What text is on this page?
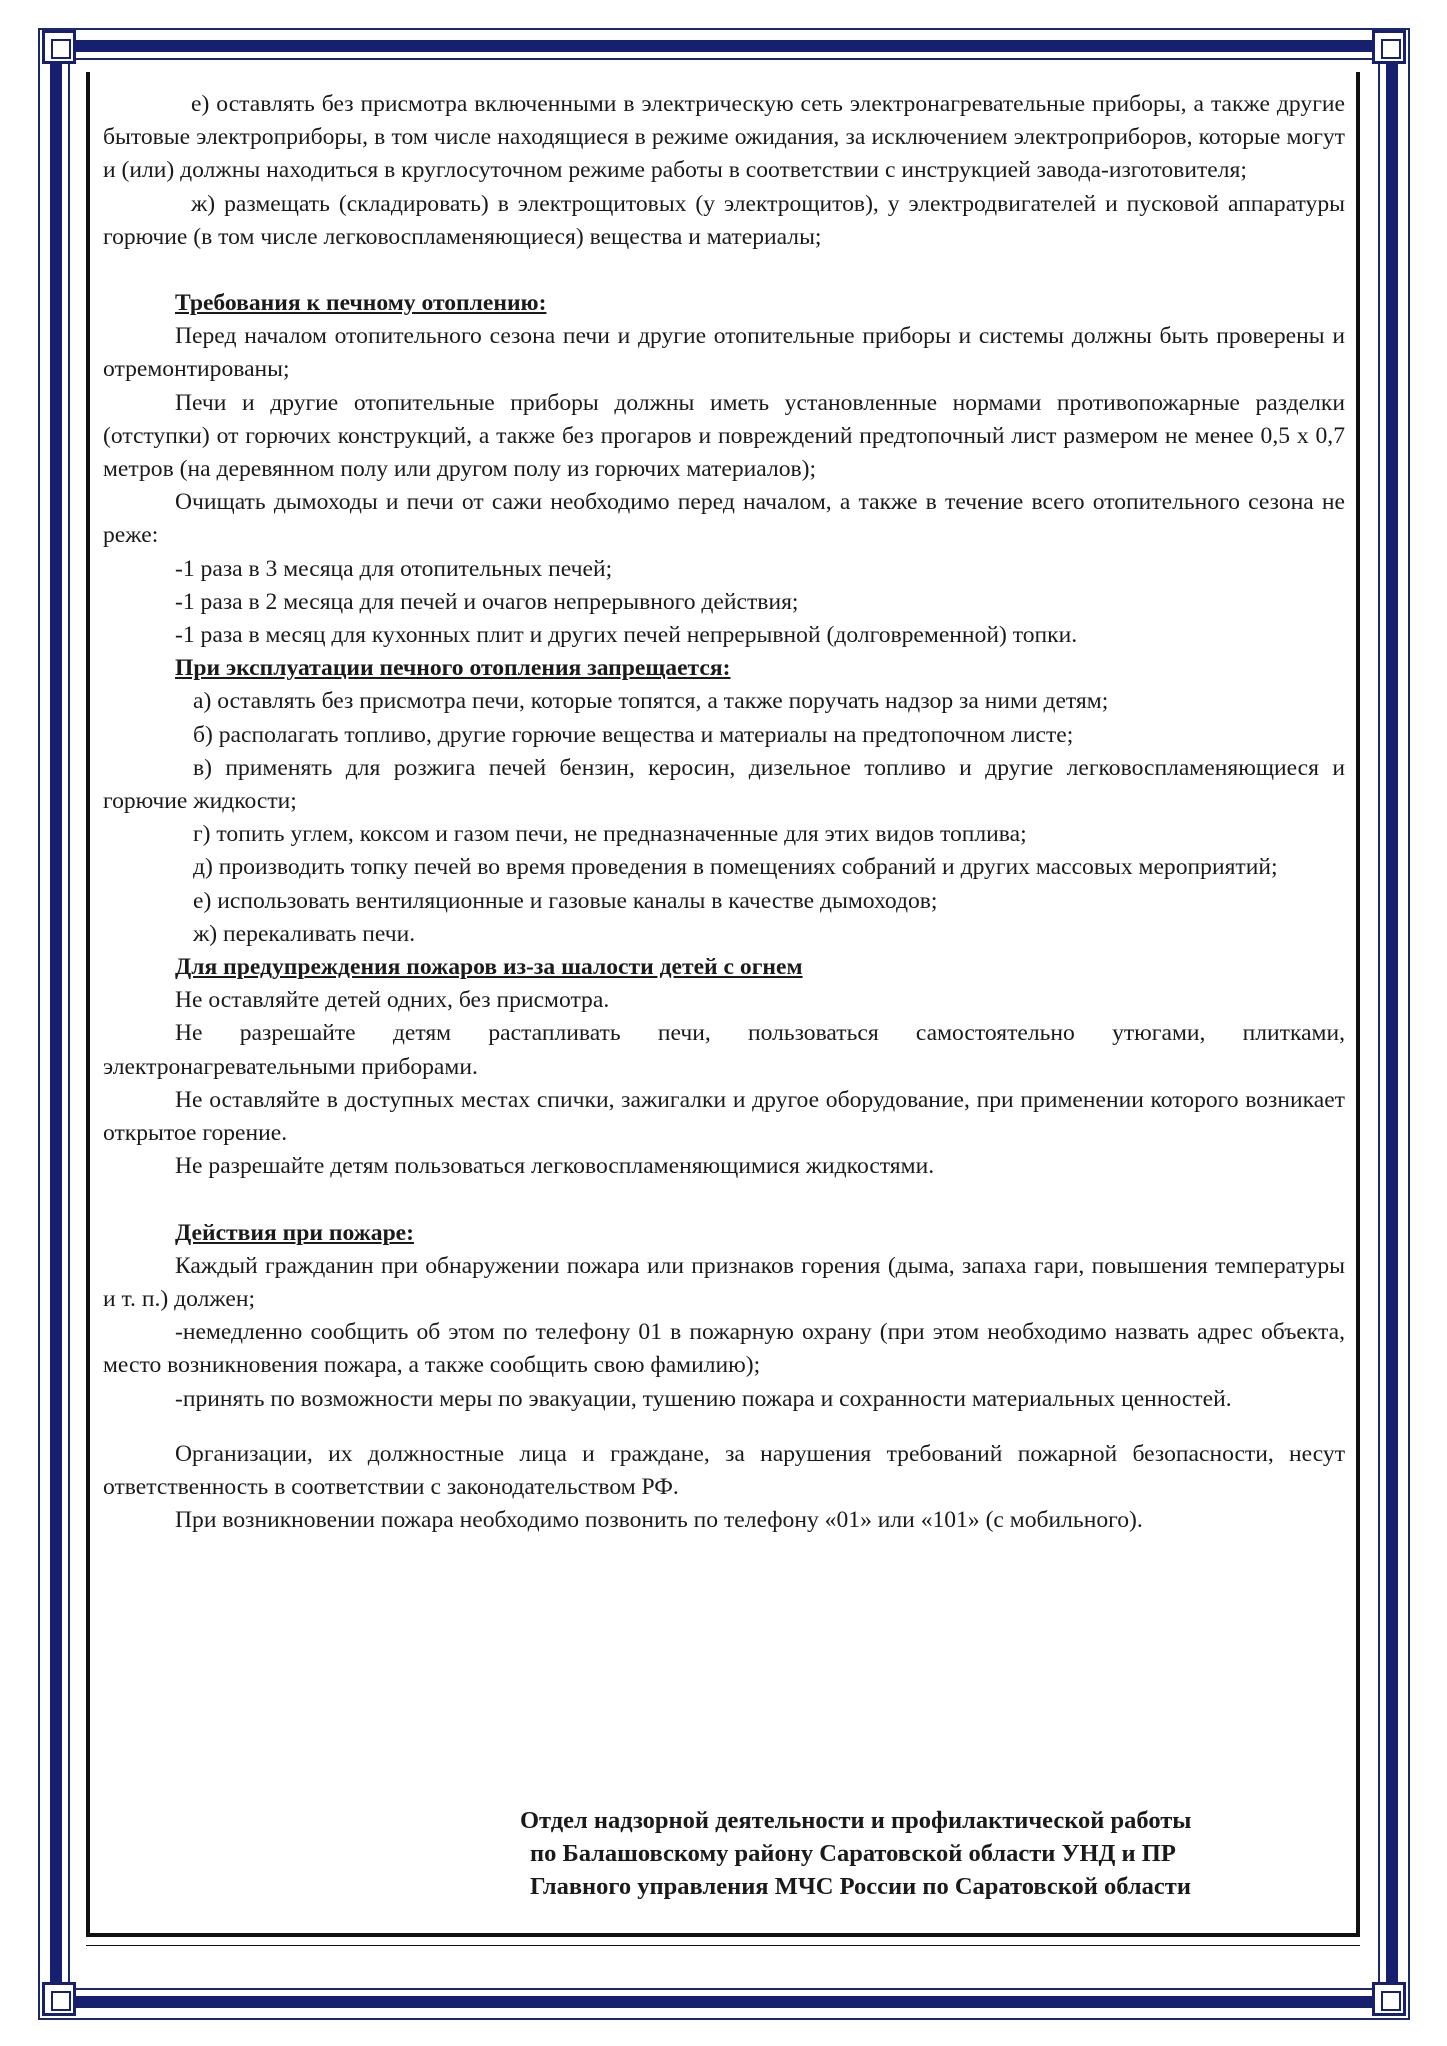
е) оставлять без присмотра включенными в электрическую сеть электронагревательные приборы, а также другие бытовые электроприборы, в том числе находящиеся в режиме ожидания, за исключением электроприборов, которые могут и (или) должны находиться в круглосуточном режиме работы в соответствии с инструкцией завода-изготовителя;

ж) размещать (складировать) в электрощитовых (у электрощитов), у электродвигателей и пусковой аппаратуры горючие (в том числе легковоспламеняющиеся) вещества и материалы;

Требования к печному отоплению:

Перед началом отопительного сезона печи и другие отопительные приборы и системы должны быть проверены и отремонтированы;

Печи и другие отопительные приборы должны иметь установленные нормами противопожарные разделки (отступки) от горючих конструкций, а также без прогаров и повреждений предтопочный лист размером не менее 0,5 х 0,7 метров (на деревянном полу или другом полу из горючих материалов);

Очищать дымоходы и печи от сажи необходимо перед началом, а также в течение всего отопительного сезона не реже:

-1 раза в 3 месяца для отопительных печей;

-1 раза в 2 месяца для печей и очагов непрерывного действия;

-1 раза в месяц для кухонных плит и других печей непрерывной (долговременной) топки.

При эксплуатации печного отопления запрещается:

а) оставлять без присмотра печи, которые топятся, а также поручать надзор за ними детям;

б) располагать топливо, другие горючие вещества и материалы на предтопочном листе;

в) применять для розжига печей бензин, керосин, дизельное топливо и другие легковоспламеняющиеся и горючие жидкости;

г) топить углем, коксом и газом печи, не предназначенные для этих видов топлива;

д) производить топку печей во время проведения в помещениях собраний и других массовых мероприятий;

е) использовать вентиляционные и газовые каналы в качестве дымоходов;

ж) перекаливать печи.

Для предупреждения пожаров из-за шалости детей с огнем

Не оставляйте детей одних, без присмотра.

Не разрешайте детям растапливать печи, пользоваться самостоятельно утюгами, плитками, электронагревательными приборами.

Не оставляйте в доступных местах спички, зажигалки и другое оборудование, при применении которого возникает открытое горение.

Не разрешайте детям пользоваться легковоспламеняющимися жидкостями.

Действия при пожаре:

Каждый гражданин при обнаружении пожара или признаков горения (дыма, запаха гари, повышения температуры и т. п.) должен;

-немедленно сообщить об этом по телефону 01 в пожарную охрану (при этом необходимо назвать адрес объекта, место возникновения пожара, а также сообщить свою фамилию);

-принять по возможности меры по эвакуации, тушению пожара и сохранности материальных ценностей.

Организации, их должностные лица и граждане, за нарушения требований пожарной безопасности, несут ответственность в соответствии с законодательством РФ.

При возникновении пожара необходимо позвонить по телефону «01» или «101» (с мобильного).

Отдел надзорной деятельности и профилактической работы
по Балашовскому району Саратовской области УНД и ПР
Главного управления МЧС России по Саратовской области
